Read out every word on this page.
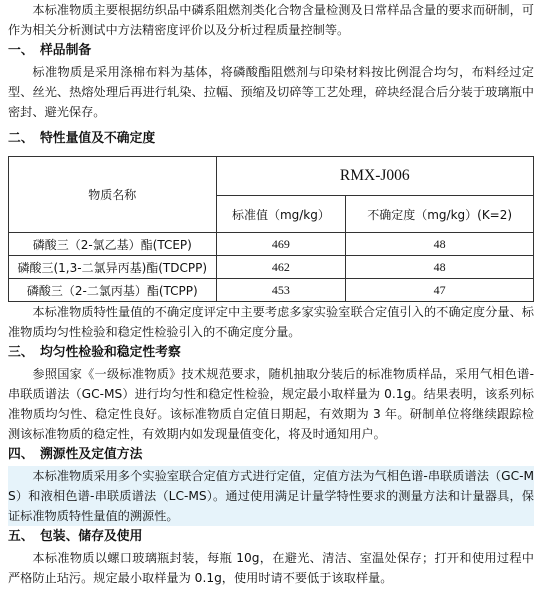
本标准物质主要根据纺织品中磷系阻燃剂类化合物含量检测及日常样品含量的要求而研制，可作为相关分析测试中方法精密度评价以及分析过程质量控制等。

一、 样品制备

标准物质是采用涤棉布料为基体，将磷酸酯阻燃剂与印染材料按比例混合均匀，布料经过定型、丝光、热熔处理后再进行轧染、拉幅、预缩及切碎等工艺处理，碎块经混合后分装于玻璃瓶中密封、避光保存。

二、 特性量值及不确定度
物质名称	RMX-J006	
	标准值（mg/kg）	不确定度（mg/kg）(K=2)
磷酸三（2-氯乙基）酯(TCEP)	469	48
磷酸三(1,3-二氯异丙基)酯(TDCPP)	462	48
磷酸三（2-二氯丙基）酯(TCPP)	453	47

本标准物质特性量值的不确定度评定中主要考虑多家实验室联合定值引入的不确定度分量、标准物质均匀性检验和稳定性检验引入的不确定度分量。

三、 均匀性检验和稳定性考察

参照国家《一级标准物质》技术规范要求，随机抽取分装后的标准物质样品，采用气相色谱-串联质谱法（GC-MS）进行均匀性和稳定性检验，规定最小取样量为 0.1g。结果表明，该系列标准物质均匀性、稳定性良好。该标准物质自定值日期起，有效期为 3 年。研制单位将继续跟踪检测该标准物质的稳定性，有效期内如发现量值变化，将及时通知用户。

四、 溯源性及定值方法

本标准物质采用多个实验室联合定值方式进行定值，定值方法为气相色谱-串联质谱法（GC-MS）和液相色谱-串联质谱法（LC-MS）。通过使用满足计量学特性要求的测量方法和计量器具，保证标准物质特性量值的溯源性。

五、 包装、储存及使用

本标准物质以螺口玻璃瓶封装，每瓶 10g，在避光、清洁、室温处保存；打开和使用过程中严格防止玷污。规定最小取样量为 0.1g，使用时请不要低于该取样量。
